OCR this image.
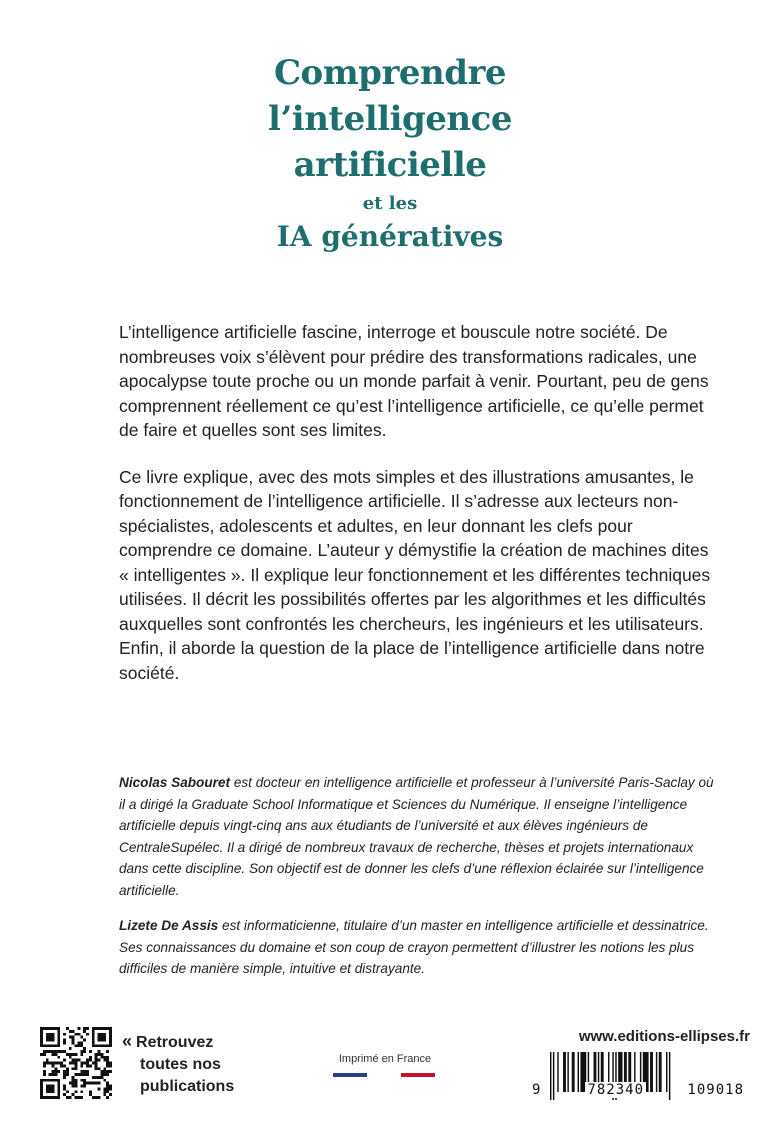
Comprendre
l’intelligence
artificielle
et les
IA génératives

L’intelligence artificielle fascine, interroge et bouscule notre société. De nombreuses voix s’élèvent pour prédire des transformations radicales, une apocalypse toute proche ou un monde parfait à venir. Pourtant, peu de gens comprennent réellement ce qu’est l’intelligence artificielle, ce qu’elle permet de faire et quelles sont ses limites.

Ce livre explique, avec des mots simples et des illustrations amusantes, le fonctionnement de l’intelligence artificielle. Il s’adresse aux lecteurs non-spécialistes, adolescents et adultes, en leur donnant les clefs pour comprendre ce domaine. L’auteur y démystifie la création de machines dites « intelligentes ». Il explique leur fonctionnement et les différentes techniques utilisées. Il décrit les possibilités offertes par les algorithmes et les difficultés auxquelles sont confrontés les chercheurs, les ingénieurs et les utilisateurs. Enfin, il aborde la question de la place de l’intelligence artificielle dans notre société.

Nicolas Sabouret est docteur en intelligence artificielle et professeur à l’université Paris-Saclay où il a dirigé la Graduate School Informatique et Sciences du Numérique. Il enseigne l’intelligence artificielle depuis vingt-cinq ans aux étudiants de l’université et aux élèves ingénieurs de CentraleSupélec. Il a dirigé de nombreux travaux de recherche, thèses et projets internationaux dans cette discipline. Son objectif est de donner les clefs d’une réflexion éclairée sur l’intelligence artificielle.

Lizete De Assis est informaticienne, titulaire d’un master en intelligence artificielle et dessinatrice. Ses connaissances du domaine et son coup de crayon permettent d’illustrer les notions les plus difficiles de manière simple, intuitive et distrayante.

« Retrouvez
toutes nos
publications
Imprimé en France
www.editions-ellipses.fr
9	782340	109018
